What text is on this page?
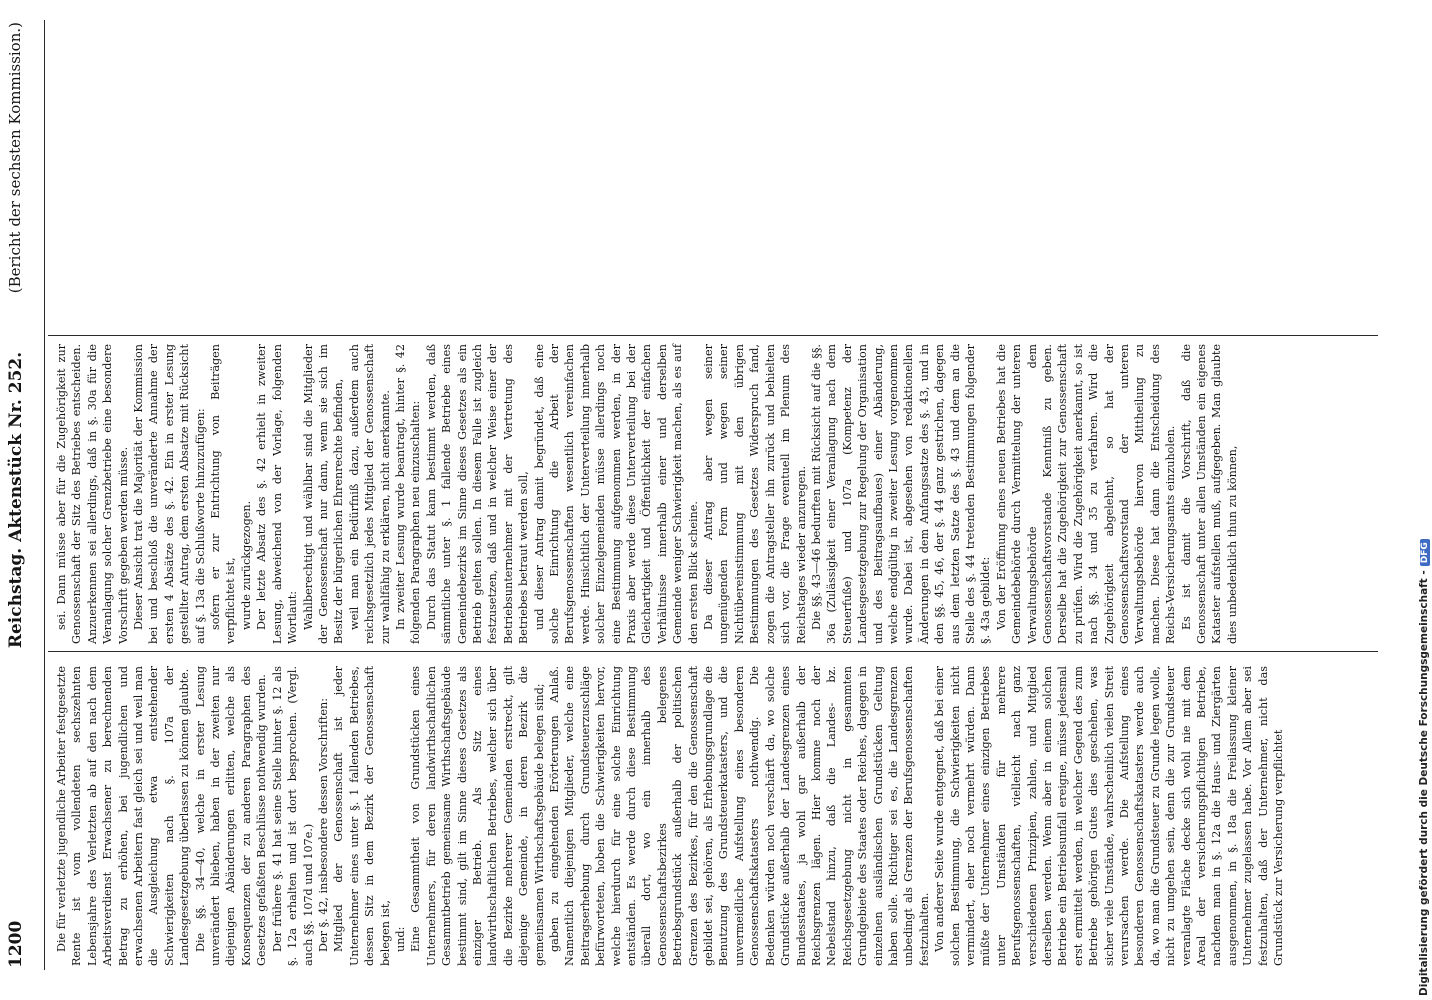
1200
Reichstag. Aktenstück Nr. 252.
(Bericht der sechsten Kommission.)

Die für verletzte jugendliche Arbeiter festgesetzte Rente ist vom vollendeten sechszehnten Lebensjahre des Verletzten ab auf den nach dem Arbeitsverdienst Erwachsener zu berechnenden Betrag zu erhöhen, bei jugendlichen und erwachsenen Arbeitern fast gleich sei und weil man die Ausgleichung etwa entstehender Schwierigkeiten nach §. 107a der Landesgesetzgebung überlassen zu können glaubte. Die §§. 34—40, welche in erster Lesung unverändert blieben, haben in der zweiten nur diejenigen Abänderungen erlitten, welche als Konsequenzen der zu anderen Paragraphen des Gesetzes gefaßten Beschlüsse nothwendig wurden. Der frühere §. 41 hat seine Stelle hinter §. 12 als §. 12a erhalten und ist dort besprochen. (Vergl. auch §§. 107d und 107e.) Der §. 42, insbesondere dessen Vorschriften: Mitglied der Genossenschaft ist jeder Unternehmer eines unter §. 1 fallenden Betriebes, dessen Sitz in dem Bezirk der Genossenschaft belegen ist, und: Eine Gesammtheit von Grundstücken eines Unternehmers, für deren landwirthschaftlichen Gesammtbetrieb gemeinsame Wirthschaftsgebäude bestimmt sind, gilt im Sinne dieses Gesetzes als einziger Betrieb. Als Sitz eines landwirthschaftlichen Betriebes, welcher sich über die Bezirke mehrerer Gemeinden erstreckt, gilt diejenige Gemeinde, in deren Bezirk die gemeinsamen Wirthschaftsgebäude belegen sind; gaben zu eingehenden Erörterungen Anlaß. Namentlich diejenigen Mitglieder, welche eine Beitragserhebung durch Grundsteuerzuschläge befürworteten, hoben die Schwierigkeiten hervor, welche hierdurch für eine solche Einrichtung entständen. Es werde durch diese Bestimmung überall dort, wo ein innerhalb des Genossenschaftsbezirkes belegenes Betriebsgrundstück außerhalb der politischen Grenzen des Bezirkes, für den die Genossenschaft gebildet sei, gehören, als Erhebungsgrundlage die Benutzung des Grundsteuerkatasters, und die unvermeidliche Aufstellung eines besonderen Genossenschaftskatasters nothwendig. Die Bedenken würden noch verschärft da, wo solche Grundstücke außerhalb der Landesgrenzen eines Bundesstaates, ja wohl gar außerhalb der Reichsgrenzen lägen. Hier komme noch der Nebelstand hinzu, daß die Landes- bz. Reichsgesetzgebung nicht in gesammten Grundgebiete des Staates oder Reiches, dagegen in einzelnen ausländischen Grundstücken Geltung haben solle. Richtiger sei es, die Landesgrenzen unbedingt als Grenzen der Berufsgenossenschaften festzuhalten. Von anderer Seite wurde entgegnet, daß bei einer solchen Bestimmung, die Schwierigkeiten nicht vermindert, eher noch vermehrt würden. Dann müßte der Unternehmer eines einzigen Betriebes unter Umständen für mehrere Berufsgenossenschaften, vielleicht nach ganz verschiedenen Prinzipien, zahlen, und Mitglied derselben werden. Wenn aber in einem solchen Betriebe ein Betriebsunfall ereigne, müsse jedesmal erst ermittelt werden, in welcher Gegend des zum Betriebe gehörigen Gutes dies geschehen, was sicher viele Umstände, wahrscheinlich vielen Streit verursachen werde. Die Aufstellung eines besonderen Genossenschaftskatasters werde auch da, wo man die Grundsteuer zu Grunde legen wolle, nicht zu umgehen sein, denn die zur Grundsteuer veranlagte Fläche decke sich wohl nie mit dem Areal der versicherungspflichtigen Betriebe, nachdem man in §. 12a die Haus- und Ziergärten ausgenommen, in §. 18a die Freilassung kleiner Unternehmer zugelassen habe. Vor Allem aber sei festzuhalten, daß der Unternehmer, nicht das Grundstück zur Versicherung verpflichtet

sei. Dann müsse aber für die Zugehörigkeit zur Genossenschaft der Sitz des Betriebes entscheiden. Anzuerkennen sei allerdings, daß in §. 30a für die Veranlagung solcher Grenzbetriebe eine besondere Vorschrift gegeben werden müsse. Dieser Ansicht trat die Majorität der Kommission bei und beschloß die unveränderte Annahme der ersten 4 Absätze des §. 42. Ein in erster Lesung gestellter Antrag, dem ersten Absatze mit Rücksicht auf §. 13a die Schlußworte hinzuzufügen: sofern er zur Entrichtung von Beiträgen verpflichtet ist, wurde zurückgezogen. Der letzte Absatz des §. 42 erhielt in zweiter Lesung, abweichend von der Vorlage, folgenden Wortlaut: Wahlberechtigt und wählbar sind die Mitglieder der Genossenschaft nur dann, wenn sie sich im Besitz der bürgerlichen Ehrenrechte befinden, weil man ein Bedürfniß dazu, außerdem auch reichsgesetzlich jedes Mitglied der Genossenschaft zur wahlfähig zu erklären, nicht anerkannte. In zweiter Lesung wurde beantragt, hinter §. 42 folgenden Paragraphen neu einzuschalten: Durch das Statut kann bestimmt werden, daß sämmtliche unter §. 1 fallende Betriebe eines Gemeindebezirks im Sinne dieses Gesetzes als ein Betrieb gelten sollen. In diesem Falle ist zugleich festzusetzen, daß und in welcher Weise einer der Betriebsunternehmer mit der Vertretung des Betriebes betraut werden soll, und dieser Antrag damit begründet, daß eine solche Einrichtung die Arbeit der Berufsgenossenschaften wesentlich vereinfachen werde. Hinsichtlich der Unterverteilung innerhalb solcher Einzelgemeinden müsse allerdings noch eine Bestimmung aufgenommen werden, in der Praxis aber werde diese Unterverteilung bei der Gleichartigkeit und Öffentlichkeit der einfachen Verhältnisse innerhalb einer und derselben Gemeinde weniger Schwierigkeit machen, als es auf den ersten Blick scheine. Da dieser Antrag aber wegen seiner ungenügenden Form und wegen seiner Nichtübereinstimmung mit den übrigen Bestimmungen des Gesetzes Widerspruch fand, zogen die Antragsteller ihn zurück und behielten sich vor, die Frage eventuell im Plenum des Reichstages wieder anzuregen. Die §§. 43—46 bedurften mit Rücksicht auf die §§. 36a (Zulässigkeit einer Veranlagung nach dem Steuerfuße) und 107a (Kompetenz der Landesgesetzgebung zur Regelung der Organisation und des Beitragsaufbaues) einer Abänderung, welche endgültig in zweiter Lesung vorgenommen wurde. Dabei ist, abgesehen von redaktionellen Änderungen in dem Anfangssatze des §. 43, und in den §§. 45, 46, der §. 44 ganz gestrichen, dagegen aus dem letzten Satze des §. 43 und dem an die Stelle des §. 44 tretenden Bestimmungen folgender §. 43a gebildet: Von der Eröffnung eines neuen Betriebes hat die Gemeindebehörde durch Vermittelung der unteren Verwaltungsbehörde dem Genossenschaftsvorstande Kenntniß zu geben. Derselbe hat die Zugehörigkeit zur Genossenschaft zu prüfen. Wird die Zugehörigkeit anerkannt, so ist nach §§. 34 und 35 zu verfahren. Wird die Zugehörigkeit abgelehnt, so hat der Genossenschaftsvorstand der unteren Verwaltungsbehörde hiervon Mittheilung zu machen. Diese hat dann die Entscheidung des Reichs-Versicherungsamts einzuholen. Es ist damit die Vorschrift, daß die Genossenschaft unter allen Umständen ein eigenes Kataster aufstellen muß, aufgegeben. Man glaubte dies unbedenklich thun zu können,

Digitalisierung gefördert durch die Deutsche Forschungsgemeinschaft -DFG
